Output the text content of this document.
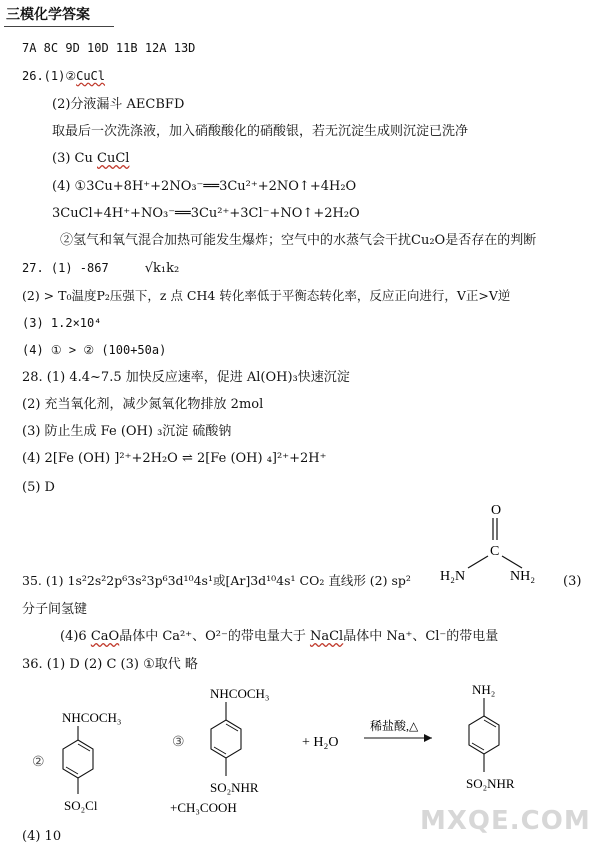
三模化学答案
7A 8C 9D 10D 11B 12A 13D
26.(1)②CuCl
(2)分液漏斗 AECBFD
取最后一次洗涤液，加入硝酸酸化的硝酸银，若无沉淀生成则沉淀已洗净
(3) Cu CuCl
(4) ①3Cu+8H⁺+2NO₃⁻══3Cu²⁺+2NO↑+4H₂O
3CuCl+4H⁺+NO₃⁻══3Cu²⁺+3Cl⁻+NO↑+2H₂O
②氢气和氧气混合加热可能发生爆炸；空气中的水蒸气会干扰Cu₂O是否存在的判断
27. (1) -867	√k₁k₂
(2) > T₀温度P₂压强下，z 点 CH4 转化率低于平衡态转化率，反应正向进行，V正>V逆
(3) 1.2×10⁴
(4) ① > ② (100+50a)
28. (1) 4.4~7.5 加快反应速率，促进 Al(OH)₃快速沉淀
(2) 充当氧化剂，减少氮氧化物排放 2mol
(3) 防止生成 Fe (OH) ₃沉淀 硫酸钠
(4) 2[Fe (OH) ]²⁺+2H₂O ⇌ 2[Fe (OH) ₄]²⁺+2H⁺
(5) D
O
C
H₂N	NH₂
35. (1) 1s²2s²2p⁶3s²3p⁶3d¹⁰4s¹或[Ar]3d¹⁰4s¹ CO₂ 直线形 (2) sp²	(3)
分子间氢键
(4)6 CaO晶体中 Ca²⁺、O²⁻的带电量大于 NaCl晶体中 Na⁺、Cl⁻的带电量
36. (1) D (2) C (3) ①取代 略
②
NHCOCH₃
SO₂Cl
③
NHCOCH₃
SO₂NHR
+CH₃COOH
+ H₂O
稀盐酸,△
NH₂
SO₂NHR
(4) 10
MXQE.COM
